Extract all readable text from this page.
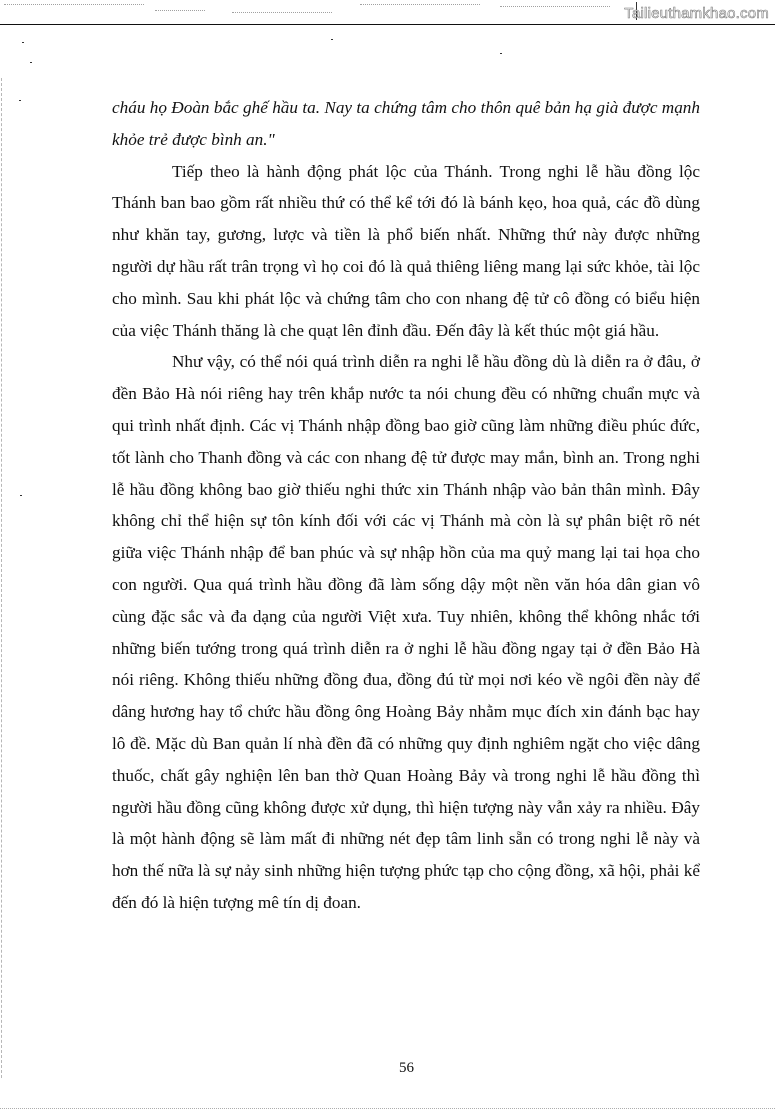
Tailieuthamkhao.com

cháu họ Đoàn bắc ghế hầu ta. Nay ta chứng tâm cho thôn quê bản hạ già được mạnh khỏe trẻ được bình an."

Tiếp theo là hành động phát lộc của Thánh. Trong nghi lễ hầu đồng lộc Thánh ban bao gồm rất nhiều thứ có thể kể tới đó là bánh kẹo, hoa quả, các đồ dùng như khăn tay, gương, lược và tiền là phổ biến nhất. Những thứ này được những người dự hầu rất trân trọng vì họ coi đó là quả thiêng liêng mang lại sức khỏe, tài lộc cho mình. Sau khi phát lộc và chứng tâm cho con nhang đệ tử cô đồng có biểu hiện của việc Thánh thăng là che quạt lên đỉnh đầu. Đến đây là kết thúc một giá hầu.

Như vậy, có thể nói quá trình diễn ra nghi lễ hầu đồng dù là diễn ra ở đâu, ở đền Bảo Hà nói riêng hay trên khắp nước ta nói chung đều có những chuẩn mực và qui trình nhất định. Các vị Thánh nhập đồng bao giờ cũng làm những điều phúc đức, tốt lành cho Thanh đồng và các con nhang đệ tử được may mắn, bình an. Trong nghi lễ hầu đồng không bao giờ thiếu nghi thức xin Thánh nhập vào bản thân mình. Đây không chỉ thể hiện sự tôn kính đối với các vị Thánh mà còn là sự phân biệt rõ nét giữa việc Thánh nhập để ban phúc và sự nhập hồn của ma quỷ mang lại tai họa cho con người. Qua quá trình hầu đồng đã làm sống dậy một nền văn hóa dân gian vô cùng đặc sắc và đa dạng của người Việt xưa. Tuy nhiên, không thể không nhắc tới những biến tướng trong quá trình diễn ra ở nghi lễ hầu đồng ngay tại ở đền Bảo Hà nói riêng. Không thiếu những đồng đua, đồng đú từ mọi nơi kéo về ngôi đền này để dâng hương hay tổ chức hầu đồng ông Hoàng Bảy nhằm mục đích xin đánh bạc hay lô đề. Mặc dù Ban quản lí nhà đền đã có những quy định nghiêm ngặt cho việc dâng thuốc, chất gây nghiện lên ban thờ Quan Hoàng Bảy và trong nghi lễ hầu đồng thì người hầu đồng cũng không được xử dụng, thì hiện tượng này vẫn xảy ra nhiều. Đây là một hành động sẽ làm mất đi những nét đẹp tâm linh sẵn có trong nghi lễ này và hơn thế nữa là sự nảy sinh những hiện tượng phức tạp cho cộng đồng, xã hội, phải kể đến đó là hiện tượng mê tín dị đoan.

56
